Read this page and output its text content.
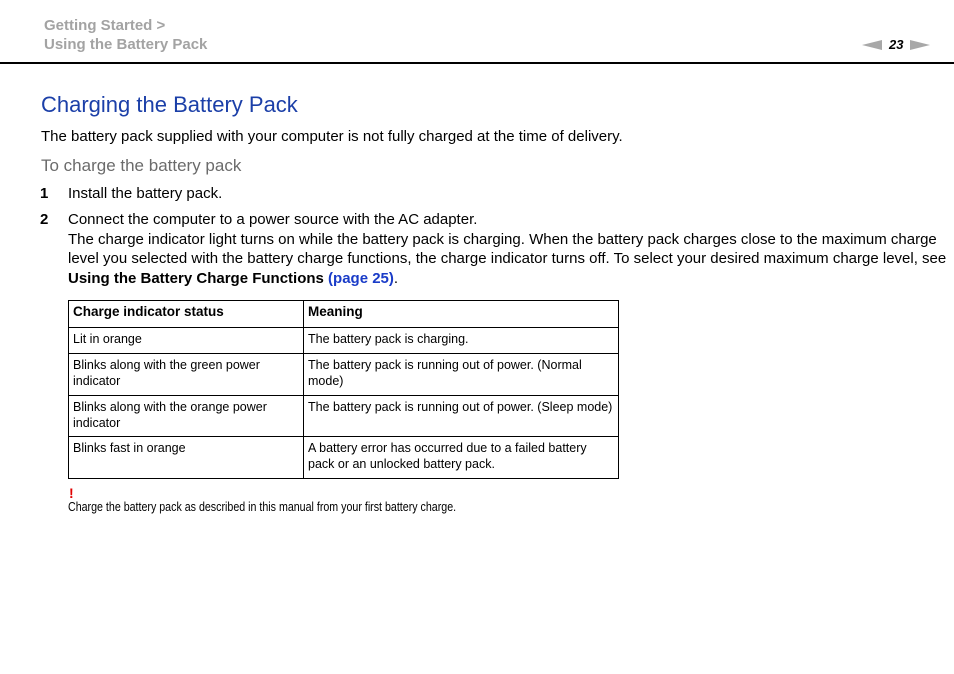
Getting Started >
Using the Battery Pack	23
Charging the Battery Pack

The battery pack supplied with your computer is not fully charged at the time of delivery.

To charge the battery pack
1 Install the battery pack.
2 Connect the computer to a power source with the AC adapter.
The charge indicator light turns on while the battery pack is charging. When the battery pack charges close to the maximum charge level you selected with the battery charge functions, the charge indicator turns off. To select your desired maximum charge level, see Using the Battery Charge Functions (page 25).
Charge indicator status	Meaning
Lit in orange	The battery pack is charging.
Blinks along with the green power indicator	The battery pack is running out of power. (Normal mode)
Blinks along with the orange power indicator	The battery pack is running out of power. (Sleep mode)
Blinks fast in orange	A battery error has occurred due to a failed battery pack or an unlocked battery pack.
!
Charge the battery pack as described in this manual from your first battery charge.
